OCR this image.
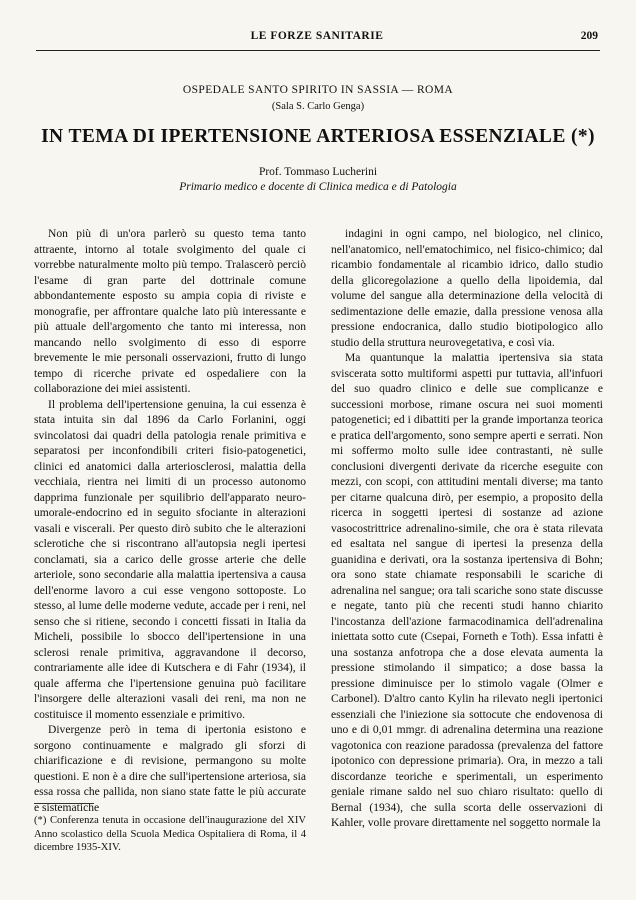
LE FORZE SANITARIE	209
OSPEDALE SANTO SPIRITO IN SASSIA — ROMA
(Sala S. Carlo Genga)
IN TEMA DI IPERTENSIONE ARTERIOSA ESSENZIALE (*)
Prof. Tommaso Lucherini
Primario medico e docente di Clinica medica e di Patologia

Non più di un'ora parlerò su questo tema tanto attraente, intorno al totale svolgimento del quale ci vorrebbe naturalmente molto più tempo. Tralascerò perciò l'esame di gran parte del dottrinale comune abbondantemente esposto su ampia copia di riviste e monografie, per affrontare qualche lato più interessante e più attuale dell'argomento che tanto mi interessa, non mancando nello svolgimento di esso di esporre brevemente le mie personali osservazioni, frutto di lungo tempo di ricerche private ed ospedaliere con la collaborazione dei miei assistenti.

Il problema dell'ipertensione genuina, la cui essenza è stata intuita sin dal 1896 da Carlo Forlanini, oggi svincolatosi dai quadri della patologia renale primitiva e separatosi per inconfondibili criteri fisio-patogenetici, clinici ed anatomici dalla arteriosclerosi, malattia della vecchiaia, rientra nei limiti di un processo autonomo dapprima funzionale per squilibrio dell'apparato neuro-umorale-endocrino ed in seguito sfociante in alterazioni vasali e viscerali. Per questo dirò subito che le alterazioni sclerotiche che si riscontrano all'autopsia negli ipertesi conclamati, sia a carico delle grosse arterie che delle arteriole, sono secondarie alla malattia ipertensiva a causa dell'enorme lavoro a cui esse vengono sottoposte. Lo stesso, al lume delle moderne vedute, accade per i reni, nel senso che si ritiene, secondo i concetti fissati in Italia da Micheli, possibile lo sbocco dell'ipertensione in una sclerosi renale primitiva, aggravandone il decorso, contrariamente alle idee di Kutschera e di Fahr (1934), il quale afferma che l'ipertensione genuina può facilitare l'insorgere delle alterazioni vasali dei reni, ma non ne costituisce il momento essenziale e primitivo.

Divergenze però in tema di ipertonia esistono e sorgono continuamente e malgrado gli sforzi di chiarificazione e di revisione, permangono su molte questioni. E non è a dire che sull'ipertensione arteriosa, sia essa rossa che pallida, non siano state fatte le più accurate e sistematiche

indagini in ogni campo, nel biologico, nel clinico, nell'anatomico, nell'ematochimico, nel fisico-chimico; dal ricambio fondamentale al ricambio idrico, dallo studio della glicoregolazione a quello della lipoidemia, dal volume del sangue alla determinazione della velocità di sedimentazione delle emazie, dalla pressione venosa alla pressione endocranica, dallo studio biotipologico allo studio della struttura neurovegetativa, e così via.

Ma quantunque la malattia ipertensiva sia stata sviscerata sotto multiformi aspetti pur tuttavia, all'infuori del suo quadro clinico e delle sue complicanze e successioni morbose, rimane oscura nei suoi momenti patogenetici; ed i dibattiti per la grande importanza teorica e pratica dell'argomento, sono sempre aperti e serrati. Non mi soffermo molto sulle idee contrastanti, nè sulle conclusioni divergenti derivate da ricerche eseguite con mezzi, con scopi, con attitudini mentali diverse; ma tanto per citarne qualcuna dirò, per esempio, a proposito della ricerca in soggetti ipertesi di sostanze ad azione vasocostrittrice adrenalino-simile, che ora è stata rilevata ed esaltata nel sangue di ipertesi la presenza della guanidina e derivati, ora la sostanza ipertensiva di Bohn; ora sono state chiamate responsabili le scariche di adrenalina nel sangue; ora tali scariche sono state discusse e negate, tanto più che recenti studi hanno chiarito l'incostanza dell'azione farmacodinamica dell'adrenalina iniettata sotto cute (Csepai, Forneth e Toth). Essa infatti è una sostanza anfotropa che a dose elevata aumenta la pressione stimolando il simpatico; a dose bassa la pressione diminuisce per lo stimolo vagale (Olmer e Carbonel). D'altro canto Kylin ha rilevato negli ipertonici essenziali che l'iniezione sia sottocute che endovenosa di uno e di 0,01 mmgr. di adrenalina determina una reazione vagotonica con reazione paradossa (prevalenza del fattore ipotonico con depressione primaria). Ora, in mezzo a tali discordanze teoriche e sperimentali, un esperimento geniale rimane saldo nel suo chiaro risultato: quello di Bernal (1934), che sulla scorta delle osservazioni di Kahler, volle provare direttamente nel soggetto normale la

(*) Conferenza tenuta in occasione dell'inaugurazione del XIV Anno scolastico della Scuola Medica Ospitaliera di Roma, il 4 dicembre 1935-XIV.
